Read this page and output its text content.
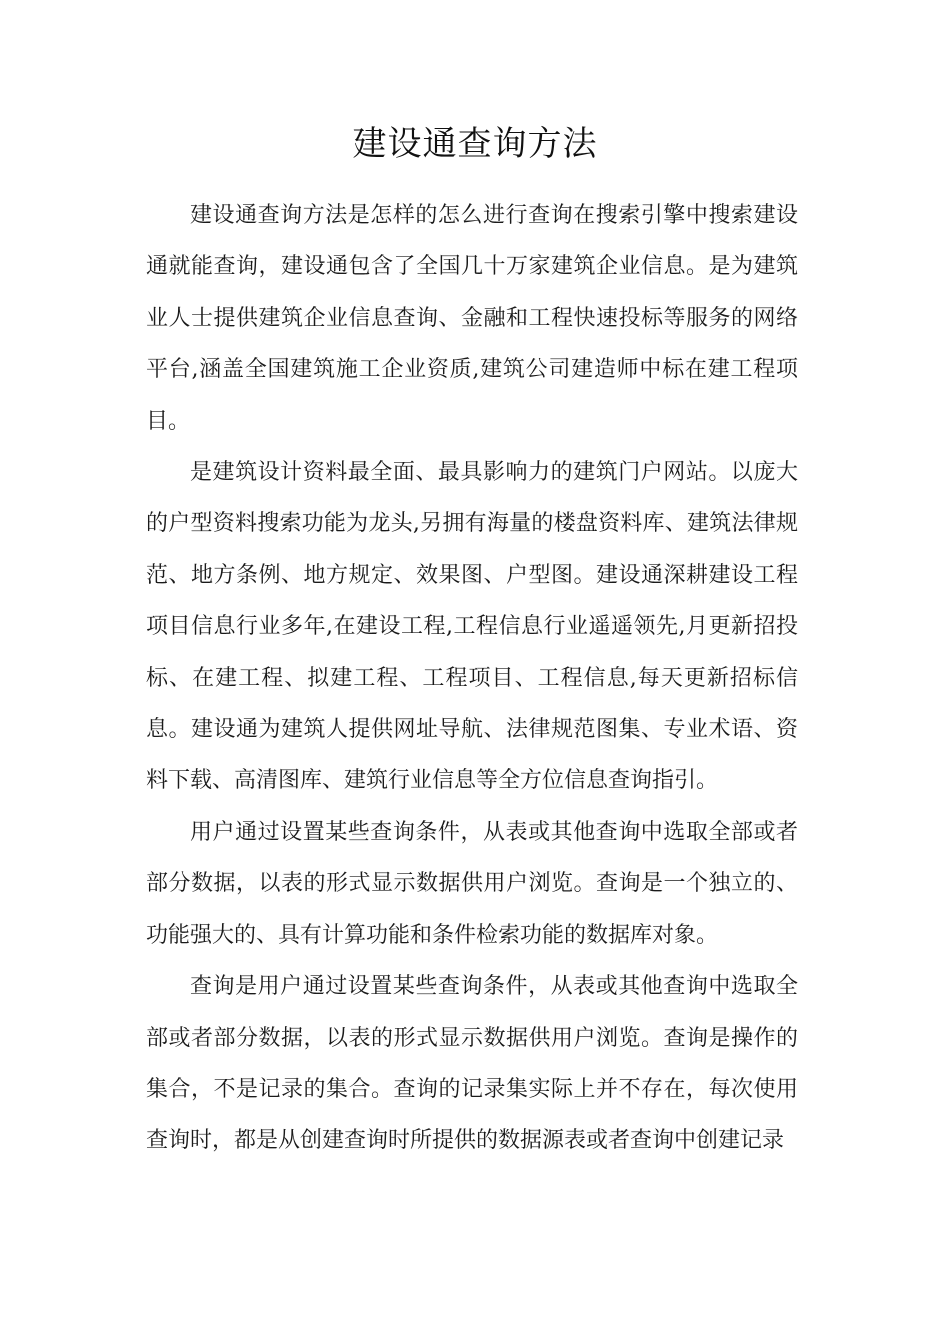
建设通查询方法

建设通查询方法是怎样的怎么进行查询在搜索引擎中搜索建设通就能查询，建设通包含了全国几十万家建筑企业信息。是为建筑业人士提供建筑企业信息查询、金融和工程快速投标等服务的网络平台,涵盖全国建筑施工企业资质,建筑公司建造师中标在建工程项目。

是建筑设计资料最全面、最具影响力的建筑门户网站。以庞大的户型资料搜索功能为龙头,另拥有海量的楼盘资料库、建筑法律规范、地方条例、地方规定、效果图、户型图。建设通深耕建设工程项目信息行业多年,在建设工程,工程信息行业遥遥领先,月更新招投标、在建工程、拟建工程、工程项目、工程信息,每天更新招标信息。建设通为建筑人提供网址导航、法律规范图集、专业术语、资料下载、高清图库、建筑行业信息等全方位信息查询指引。

用户通过设置某些查询条件，从表或其他查询中选取全部或者部分数据，以表的形式显示数据供用户浏览。查询是一个独立的、功能强大的、具有计算功能和条件检索功能的数据库对象。

查询是用户通过设置某些查询条件，从表或其他查询中选取全部或者部分数据，以表的形式显示数据供用户浏览。查询是操作的集合，不是记录的集合。查询的记录集实际上并不存在，每次使用查询时，都是从创建查询时所提供的数据源表或者查询中创建记录
